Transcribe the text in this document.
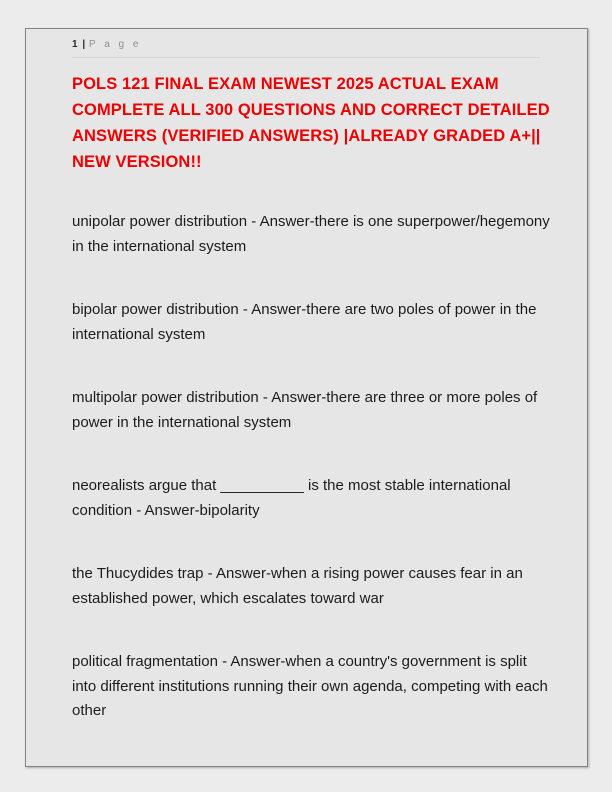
1 | P a g e
POLS 121 FINAL EXAM NEWEST 2025 ACTUAL EXAM COMPLETE ALL 300 QUESTIONS AND CORRECT DETAILED ANSWERS (VERIFIED ANSWERS) |ALREADY GRADED A+|| NEW VERSION!!

unipolar power distribution - Answer-there is one superpower/hegemony in the international system

bipolar power distribution - Answer-there are two poles of power in the international system

multipolar power distribution - Answer-there are three or more poles of power in the international system

neorealists argue that __________ is the most stable international condition - Answer-bipolarity

the Thucydides trap - Answer-when a rising power causes fear in an established power, which escalates toward war

political fragmentation - Answer-when a country's government is split into different institutions running their own agenda, competing with each other
